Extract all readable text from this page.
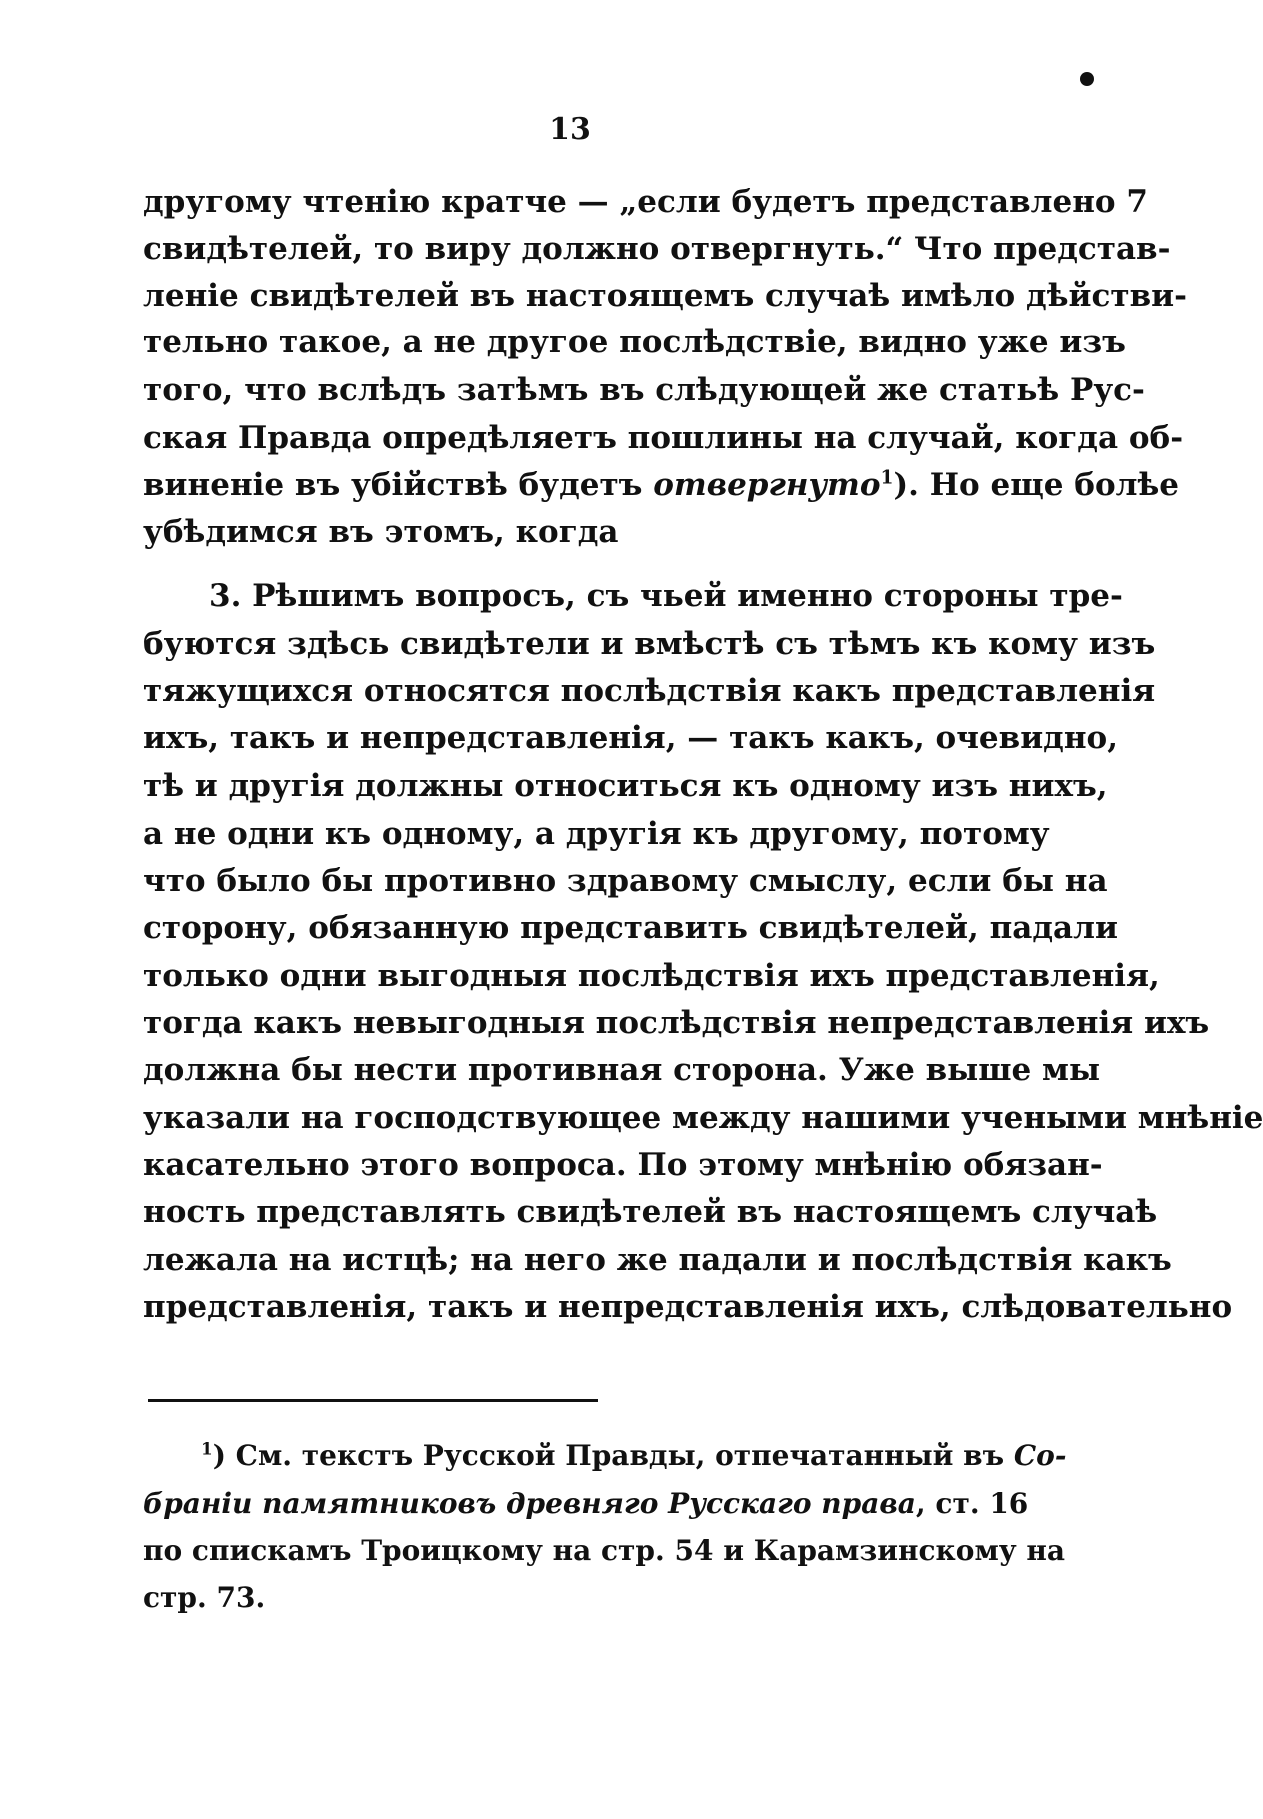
13
другому чтенію кратче — „если будетъ представлено 7
свидѣтелей, то виру должно отвергнуть.“ Что представ-
леніе свидѣтелей въ настоящемъ случаѣ имѣло дѣйстви-
тельно такое, а не другое послѣдствіе, видно уже изъ
того, что вслѣдъ затѣмъ въ слѣдующей же статьѣ Рус-
ская Правда опредѣляетъ пошлины на случай, когда об-
виненіе въ убійствѣ будетъ отвергнуто$^1$). Но еще болѣе
убѣдимся въ этомъ, когда
3. Рѣшимъ вопросъ, съ чьей именно стороны тре-
буются здѣсь свидѣтели и вмѣстѣ съ тѣмъ къ кому изъ
тяжущихся относятся послѣдствія какъ представленія
ихъ, такъ и непредставленія, — такъ какъ, очевидно,
тѣ и другія должны относиться къ одному изъ нихъ,
а не одни къ одному, а другія къ другому, потому
что было бы противно здравому смыслу, если бы на
сторону, обязанную представить свидѣтелей, падали
только одни выгодныя послѣдствія ихъ представленія,
тогда какъ невыгодныя послѣдствія непредставленія ихъ
должна бы нести противная сторона. Уже выше мы
указали на господствующее между нашими учеными мнѣніе
касательно этого вопроса. По этому мнѣнію обязан-
ность представлять свидѣтелей въ настоящемъ случаѣ
лежала на истцѣ; на него же падали и послѣдствія какъ
представленія, такъ и непредставленія ихъ, слѣдовательно
$^1$) См. текстъ Русской Правды, отпечатанный въ Со-
браніи памятниковъ древняго Русскаго права, ст. 16
по спискамъ Троицкому на стр. 54 и Карамзинскому на
стр. 73.
